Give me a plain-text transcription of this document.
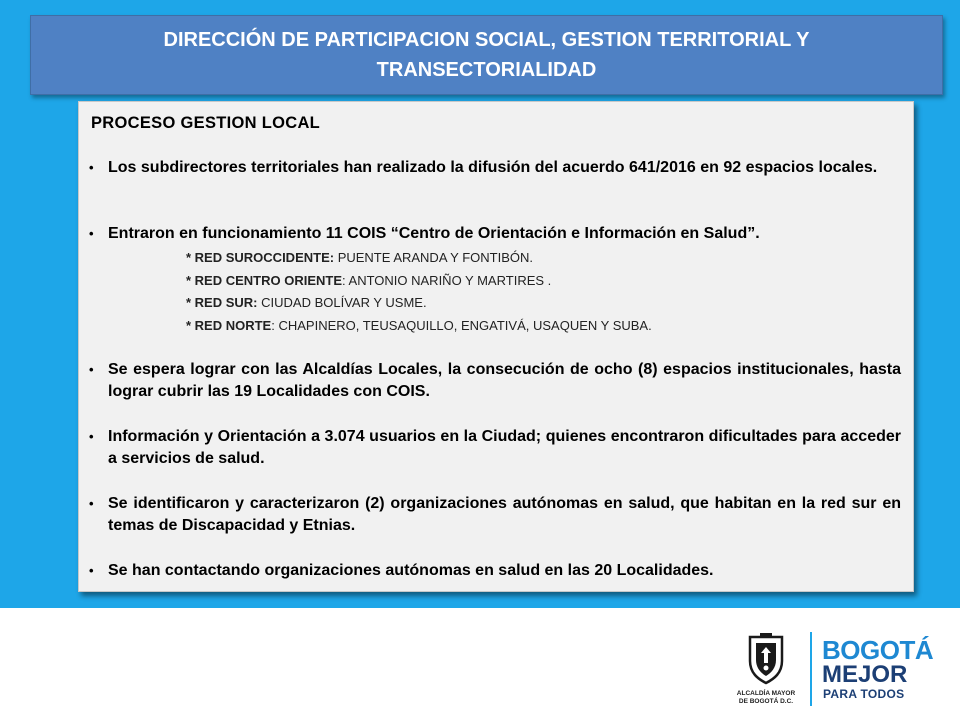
DIRECCIÓN DE PARTICIPACION SOCIAL, GESTION TERRITORIAL Y TRANSECTORIALIDAD
PROCESO GESTION LOCAL
• Los subdirectores territoriales han realizado la difusión del acuerdo 641/2016 en 92 espacios locales.
• Entraron en funcionamiento 11 COIS “Centro de Orientación e Información en Salud”.
* RED SUROCCIDENTE: PUENTE ARANDA Y FONTIBÓN.
* RED CENTRO ORIENTE: ANTONIO NARIÑO Y MARTIRES .
* RED SUR: CIUDAD BOLÍVAR Y USME.
* RED NORTE: CHAPINERO, TEUSAQUILLO, ENGATIVÁ, USAQUEN Y SUBA.
• Se espera lograr con las Alcaldías Locales, la consecución de ocho (8) espacios institucionales, hasta lograr cubrir las 19 Localidades con COIS.
• Información y Orientación a 3.074 usuarios en la Ciudad; quienes encontraron dificultades para acceder a servicios de salud.
• Se identificaron y caracterizaron (2) organizaciones autónomas en salud, que habitan en la red sur en temas de Discapacidad y Etnias.
• Se han contactando organizaciones autónomas en salud en las 20 Localidades.
ALCALDÍA MAYOR
DE BOGOTÁ D.C.
BOGOTÁ
MEJOR
PARA TODOS
